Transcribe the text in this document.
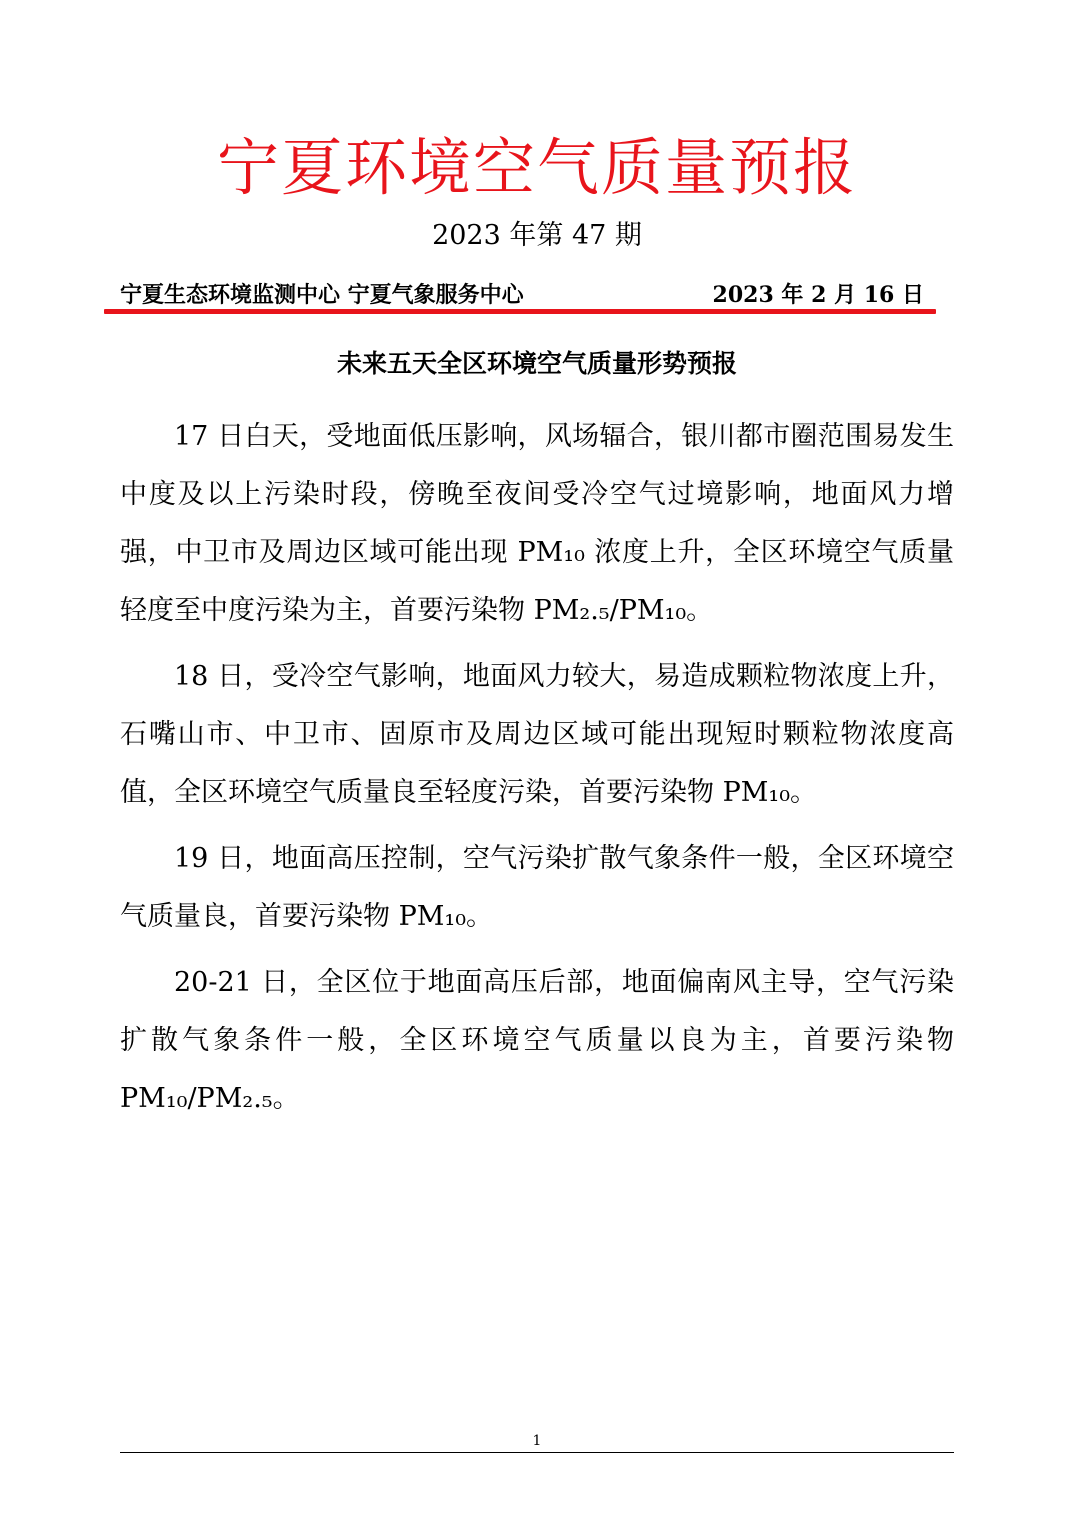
宁夏环境空气质量预报
2023 年第 47 期
宁夏生态环境监测中心 宁夏气象服务中心	2023 年 2 月 16 日
未来五天全区环境空气质量形势预报

17 日白天，受地面低压影响，风场辐合，银川都市圈范围易发生中度及以上污染时段，傍晚至夜间受冷空气过境影响，地面风力增强，中卫市及周边区域可能出现 PM₁₀ 浓度上升，全区环境空气质量轻度至中度污染为主，首要污染物 PM₂.₅/PM₁₀。

18 日，受冷空气影响，地面风力较大，易造成颗粒物浓度上升，石嘴山市、中卫市、固原市及周边区域可能出现短时颗粒物浓度高值，全区环境空气质量良至轻度污染，首要污染物 PM₁₀。

19 日，地面高压控制，空气污染扩散气象条件一般，全区环境空气质量良，首要污染物 PM₁₀。

20-21 日，全区位于地面高压后部，地面偏南风主导，空气污染扩散气象条件一般，全区环境空气质量以良为主，首要污染物 PM₁₀/PM₂.₅。

1
